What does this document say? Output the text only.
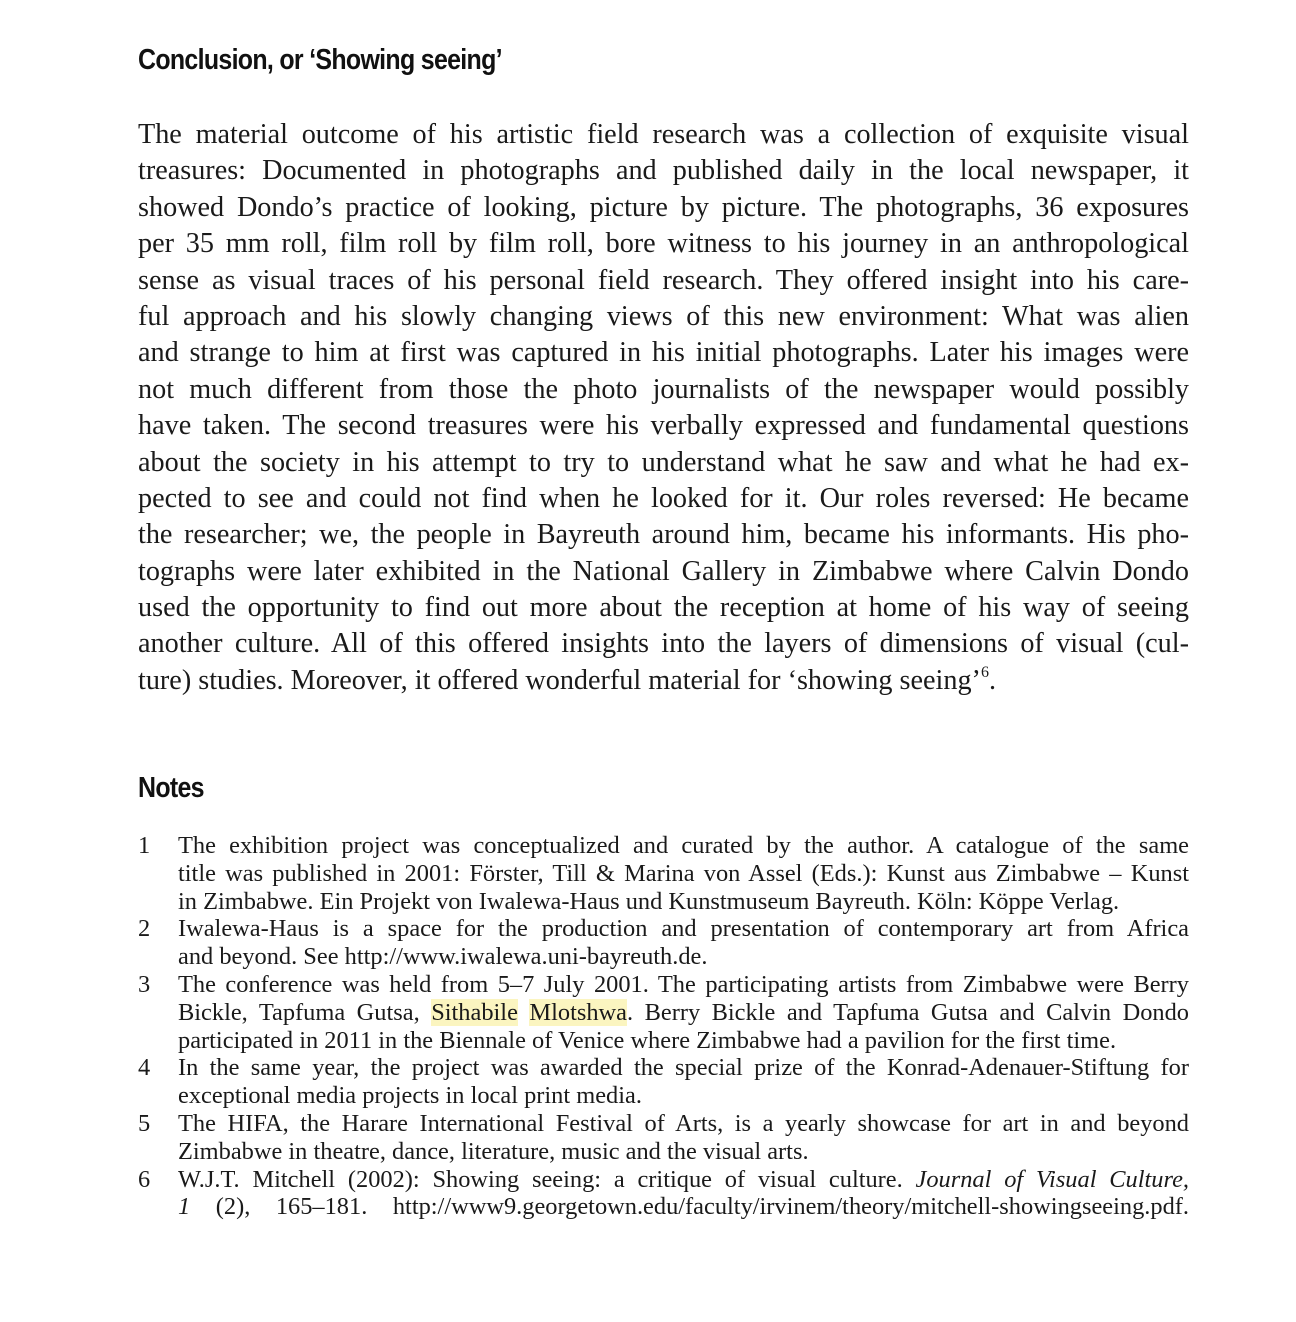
Conclusion, or ‘Showing seeing’
The material outcome of his artistic field research was a collection of exquisite visual
treasures: Documented in photographs and published daily in the local newspaper, it
showed Dondo’s practice of looking, picture by picture. The photographs, 36 exposures
per 35 mm roll, film roll by film roll, bore witness to his journey in an anthropological
sense as visual traces of his personal field research. They offered insight into his care-
ful approach and his slowly changing views of this new environment: What was alien
and strange to him at first was captured in his initial photographs. Later his images were
not much different from those the photo journalists of the newspaper would possibly
have taken. The second treasures were his verbally expressed and fundamental questions
about the society in his attempt to try to understand what he saw and what he had ex-
pected to see and could not find when he looked for it. Our roles reversed: He became
the researcher; we, the people in Bayreuth around him, became his informants. His pho-
tographs were later exhibited in the National Gallery in Zimbabwe where Calvin Dondo
used the opportunity to find out more about the reception at home of his way of seeing
another culture. All of this offered insights into the layers of dimensions of visual (cul-
ture) studies. Moreover, it offered wonderful material for ‘showing seeing’$^6$.
Notes
1	The exhibition project was conceptualized and curated by the author. A catalogue of the same
title was published in 2001: Förster, Till & Marina von Assel (Eds.): Kunst aus Zimbabwe – Kunst
in Zimbabwe. Ein Projekt von Iwalewa-Haus und Kunstmuseum Bayreuth. Köln: Köppe Verlag.
2	Iwalewa-Haus is a space for the production and presentation of contemporary art from Africa
and beyond. See http://www.iwalewa.uni-bayreuth.de.
3	The conference was held from 5–7 July 2001. The participating artists from Zimbabwe were Berry
Bickle, Tapfuma Gutsa, Sithabile Mlotshwa. Berry Bickle and Tapfuma Gutsa and Calvin Dondo
participated in 2011 in the Biennale of Venice where Zimbabwe had a pavilion for the first time.
4	In the same year, the project was awarded the special prize of the Konrad-Adenauer-Stiftung for
exceptional media projects in local print media.
5	The HIFA, the Harare International Festival of Arts, is a yearly showcase for art in and beyond
Zimbabwe in theatre, dance, literature, music and the visual arts.
6	W.J.T. Mitchell (2002): Showing seeing: a critique of visual culture. Journal of Visual Culture,
1 (2), 165–181. http://www9.georgetown.edu/faculty/irvinem/theory/mitchell-showingseeing.pdf.
